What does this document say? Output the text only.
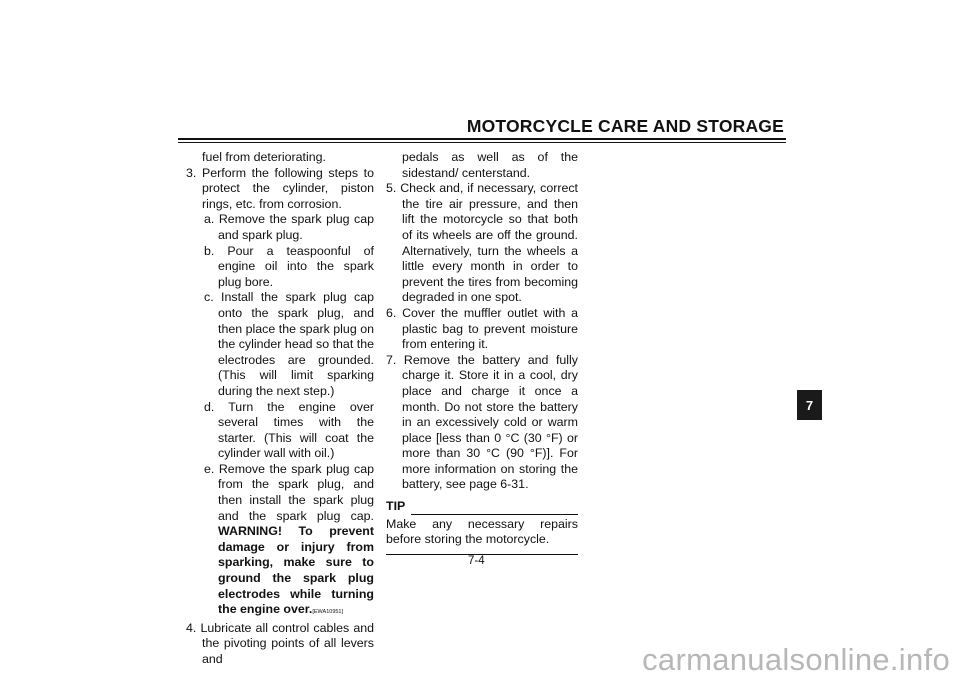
MOTORCYCLE CARE AND STORAGE

fuel from deteriorating.

3. Perform the following steps to protect the cylinder, piston rings, etc. from corrosion.

a. Remove the spark plug cap and spark plug.

b. Pour a teaspoonful of engine oil into the spark plug bore.

c. Install the spark plug cap onto the spark plug, and then place the spark plug on the cylinder head so that the electrodes are grounded. (This will limit sparking during the next step.)

d. Turn the engine over several times with the starter. (This will coat the cylinder wall with oil.)

e. Remove the spark plug cap from the spark plug, and then install the spark plug and the spark plug cap. WARNING! To prevent damage or injury from sparking, make sure to ground the spark plug electrodes while turning the engine over.[EWA10951]

4. Lubricate all control cables and the pivoting points of all levers and

pedals as well as of the sidestand/ centerstand.

5. Check and, if necessary, correct the tire air pressure, and then lift the motorcycle so that both of its wheels are off the ground. Alternatively, turn the wheels a little every month in order to prevent the tires from becoming degraded in one spot.

6. Cover the muffler outlet with a plastic bag to prevent moisture from entering it.

7. Remove the battery and fully charge it. Store it in a cool, dry place and charge it once a month. Do not store the battery in an excessively cold or warm place [less than 0 °C (30 °F) or more than 30 °C (90 °F)]. For more information on storing the battery, see page 6-31.

TIP
Make any necessary repairs before storing the motorcycle.
7
7-4
carmanualsonline.info
